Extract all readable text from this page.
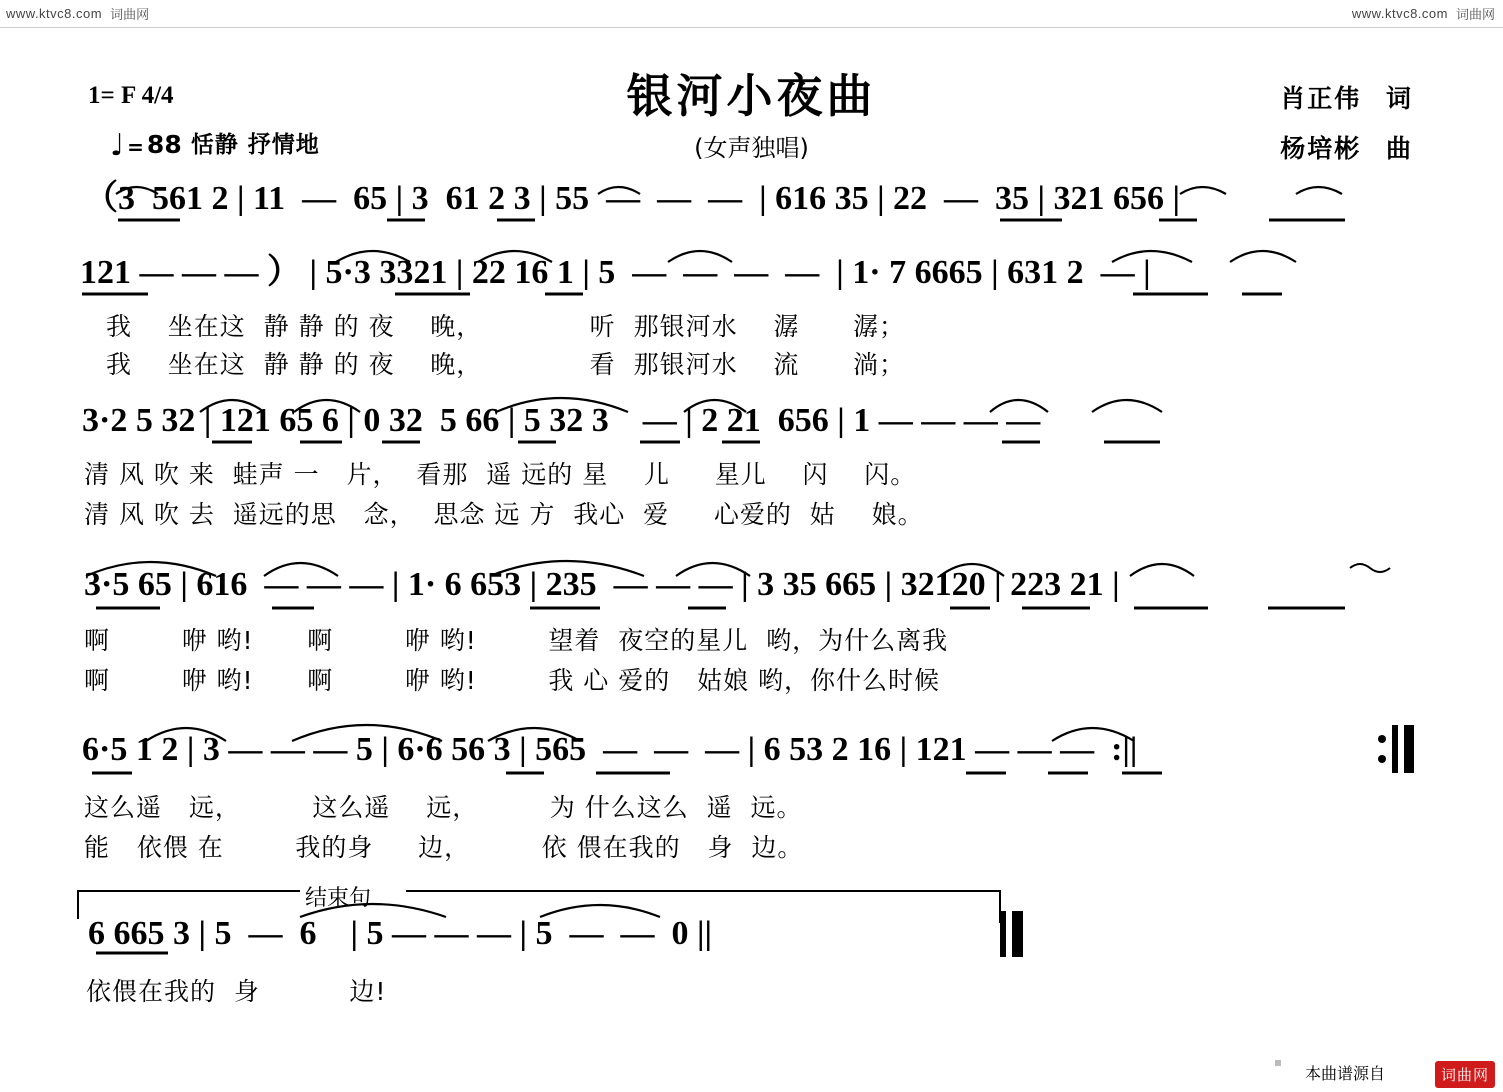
www.ktvc8.com 词曲网	www.ktvc8.com 词曲网
银河小夜曲
(女声独唱)
1= F 4/4
♩ = 88 恬静 抒情地
肖正伟 词
杨培彬 曲
（3  561 2 | 11  —  65 | 3  61 2 3 | 55  —  —  —  | 616 35 | 22  —  35 | 321 656 |
121 — — — ） | 5·3 3321 | 22 16 1 | 5  —  —  —  —  | 1· 7 6665 | 631 2  — |
我    坐在这  静 静 的 夜    晚，            听  那银河水    潺      潺；
我    坐在这  静 静 的 夜    晚，            看  那银河水    流      淌；
3·2 5 32 | 121 65 6 | 0 32  5 66 | 5 32 3    — | 2 21  656 | 1 — — — —
清 风 吹 来  蛙声 一   片，  看那  遥 远的 星    儿     星儿    闪    闪。
清 风 吹 去  遥远的思   念，  思念 远 方  我心  爱     心爱的  姑    娘。
3·5 65 | 616  — — — | 1· 6 653 | 235  — — — | 3 35 665 | 32120 | 223 21 |
啊        咿 哟!      啊        咿 哟!        望着  夜空的星儿  哟，为什么离我
啊        咿 哟!      啊        咿 哟!        我 心 爱的   姑娘 哟，你什么时候
6·5 1 2 | 3 — — — 5 | 6·6 56 3 | 565  —  —  — | 6 53 2 16 | 121 — — —  :||
这么遥   远，        这么遥    远，        为 什么这么  遥  远。
能   依偎 在        我的身     边，        依 偎在我的   身  边。
结束句
6 665 3 | 5  —  6    | 5 — — — | 5  —  —  0 ||
依偎在我的  身          边!
本曲谱源自	词曲网
